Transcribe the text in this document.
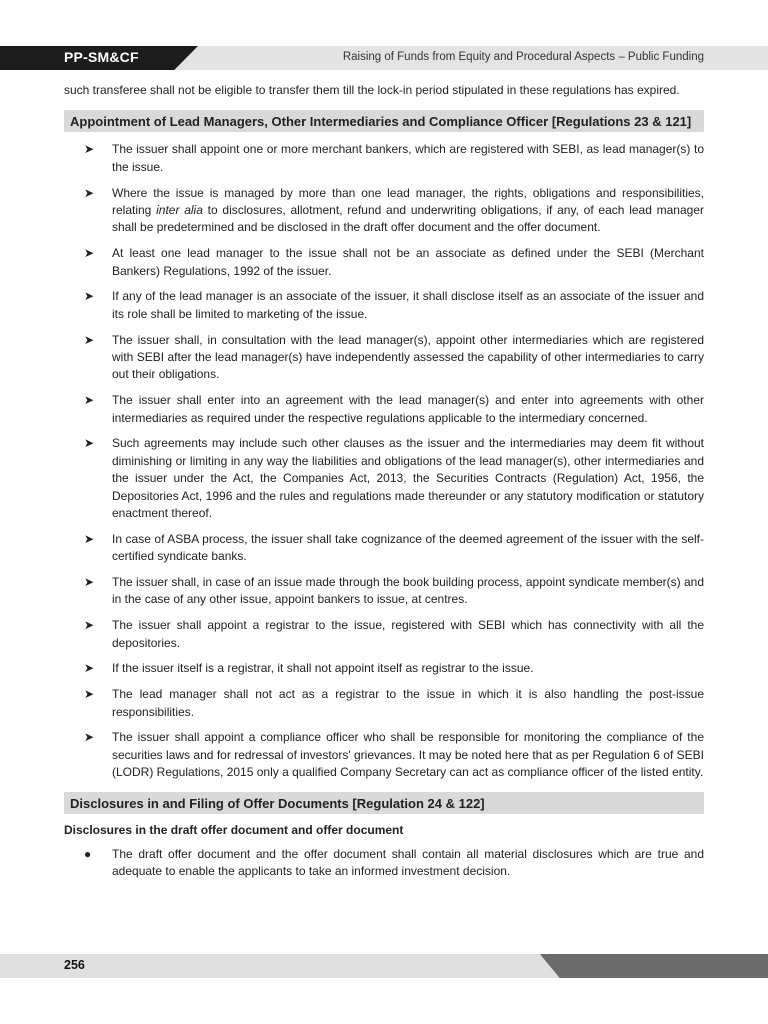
PP-SM&CF	Raising of Funds from Equity and Procedural Aspects – Public Funding

such transferee shall not be eligible to transfer them till the lock-in period stipulated in these regulations has expired.

Appointment of Lead Managers, Other Intermediaries and Compliance Officer [Regulations 23 & 121]
➤ The issuer shall appoint one or more merchant bankers, which are registered with SEBI, as lead manager(s) to the issue.
➤ Where the issue is managed by more than one lead manager, the rights, obligations and responsibilities, relating inter alia to disclosures, allotment, refund and underwriting obligations, if any, of each lead manager shall be predetermined and be disclosed in the draft offer document and the offer document.
➤ At least one lead manager to the issue shall not be an associate as defined under the SEBI (Merchant Bankers) Regulations, 1992 of the issuer.
➤ If any of the lead manager is an associate of the issuer, it shall disclose itself as an associate of the issuer and its role shall be limited to marketing of the issue.
➤ The issuer shall, in consultation with the lead manager(s), appoint other intermediaries which are registered with SEBI after the lead manager(s) have independently assessed the capability of other intermediaries to carry out their obligations.
➤ The issuer shall enter into an agreement with the lead manager(s) and enter into agreements with other intermediaries as required under the respective regulations applicable to the intermediary concerned.
➤ Such agreements may include such other clauses as the issuer and the intermediaries may deem fit without diminishing or limiting in any way the liabilities and obligations of the lead manager(s), other intermediaries and the issuer under the Act, the Companies Act, 2013, the Securities Contracts (Regulation) Act, 1956, the Depositories Act, 1996 and the rules and regulations made thereunder or any statutory modification or statutory enactment thereof.
➤ In case of ASBA process, the issuer shall take cognizance of the deemed agreement of the issuer with the self-certified syndicate banks.
➤ The issuer shall, in case of an issue made through the book building process, appoint syndicate member(s) and in the case of any other issue, appoint bankers to issue, at centres.
➤ The issuer shall appoint a registrar to the issue, registered with SEBI which has connectivity with all the depositories.
➤ If the issuer itself is a registrar, it shall not appoint itself as registrar to the issue.
➤ The lead manager shall not act as a registrar to the issue in which it is also handling the post-issue responsibilities.
➤ The issuer shall appoint a compliance officer who shall be responsible for monitoring the compliance of the securities laws and for redressal of investors' grievances. It may be noted here that as per Regulation 6 of SEBI (LODR) Regulations, 2015 only a qualified Company Secretary can act as compliance officer of the listed entity.
Disclosures in and Filing of Offer Documents [Regulation 24 & 122]
Disclosures in the draft offer document and offer document
● The draft offer document and the offer document shall contain all material disclosures which are true and adequate to enable the applicants to take an informed investment decision.
256
